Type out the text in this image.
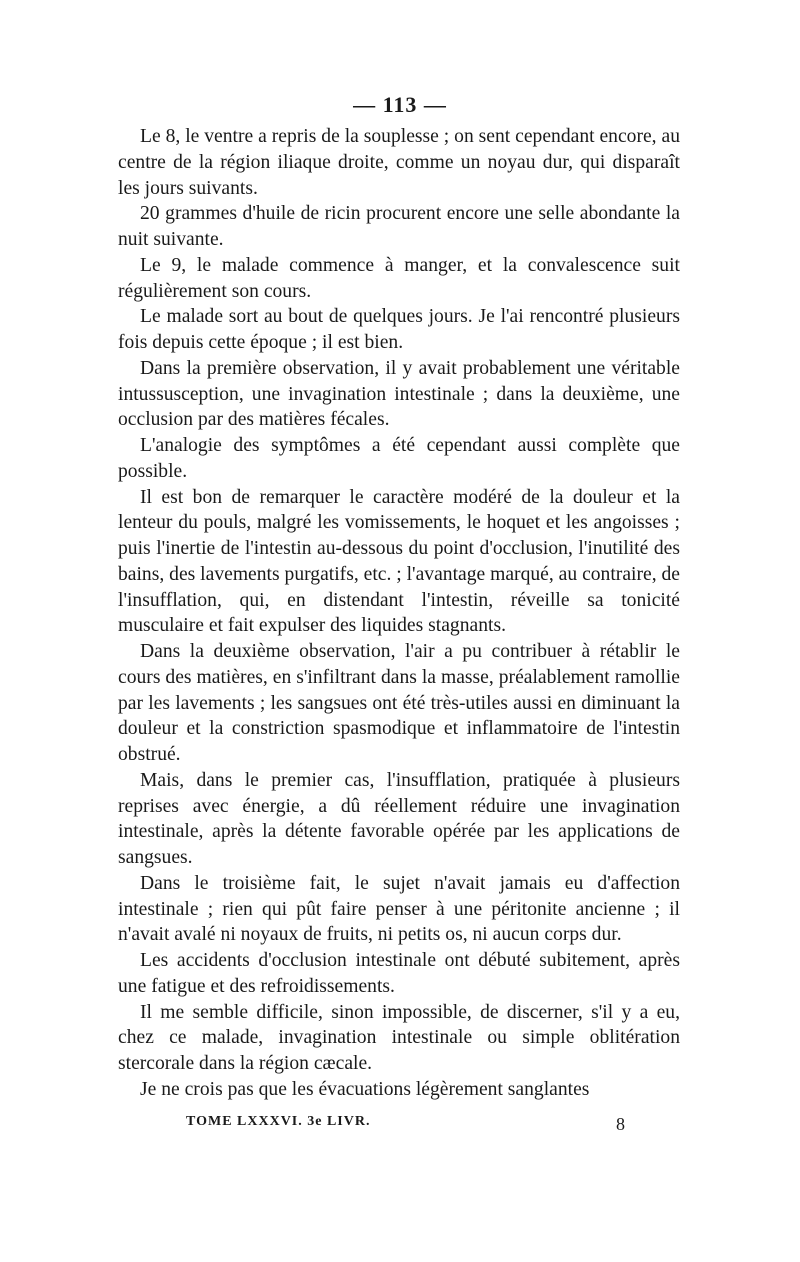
— 113 —

Le 8, le ventre a repris de la souplesse ; on sent cependant encore, au centre de la région iliaque droite, comme un noyau dur, qui disparaît les jours suivants.

20 grammes d'huile de ricin procurent encore une selle abondante la nuit suivante.

Le 9, le malade commence à manger, et la convalescence suit régulièrement son cours.

Le malade sort au bout de quelques jours. Je l'ai rencontré plusieurs fois depuis cette époque ; il est bien.

Dans la première observation, il y avait probablement une véritable intussusception, une invagination intestinale ; dans la deuxième, une occlusion par des matières fécales.

L'analogie des symptômes a été cependant aussi complète que possible.

Il est bon de remarquer le caractère modéré de la douleur et la lenteur du pouls, malgré les vomissements, le hoquet et les angoisses ; puis l'inertie de l'intestin au-dessous du point d'occlusion, l'inutilité des bains, des lavements purgatifs, etc. ; l'avantage marqué, au contraire, de l'insufflation, qui, en distendant l'intestin, réveille sa tonicité musculaire et fait expulser des liquides stagnants.

Dans la deuxième observation, l'air a pu contribuer à rétablir le cours des matières, en s'infiltrant dans la masse, préalablement ramollie par les lavements ; les sangsues ont été très-utiles aussi en diminuant la douleur et la constriction spasmodique et inflammatoire de l'intestin obstrué.

Mais, dans le premier cas, l'insufflation, pratiquée à plusieurs reprises avec énergie, a dû réellement réduire une invagination intestinale, après la détente favorable opérée par les applications de sangsues.

Dans le troisième fait, le sujet n'avait jamais eu d'affection intestinale ; rien qui pût faire penser à une péritonite ancienne ; il n'avait avalé ni noyaux de fruits, ni petits os, ni aucun corps dur.

Les accidents d'occlusion intestinale ont débuté subitement, après une fatigue et des refroidissements.

Il me semble difficile, sinon impossible, de discerner, s'il y a eu, chez ce malade, invagination intestinale ou simple oblitération stercorale dans la région cæcale.

Je ne crois pas que les évacuations légèrement sanglantes

TOME LXXXVI. 3e LIVR.	8
